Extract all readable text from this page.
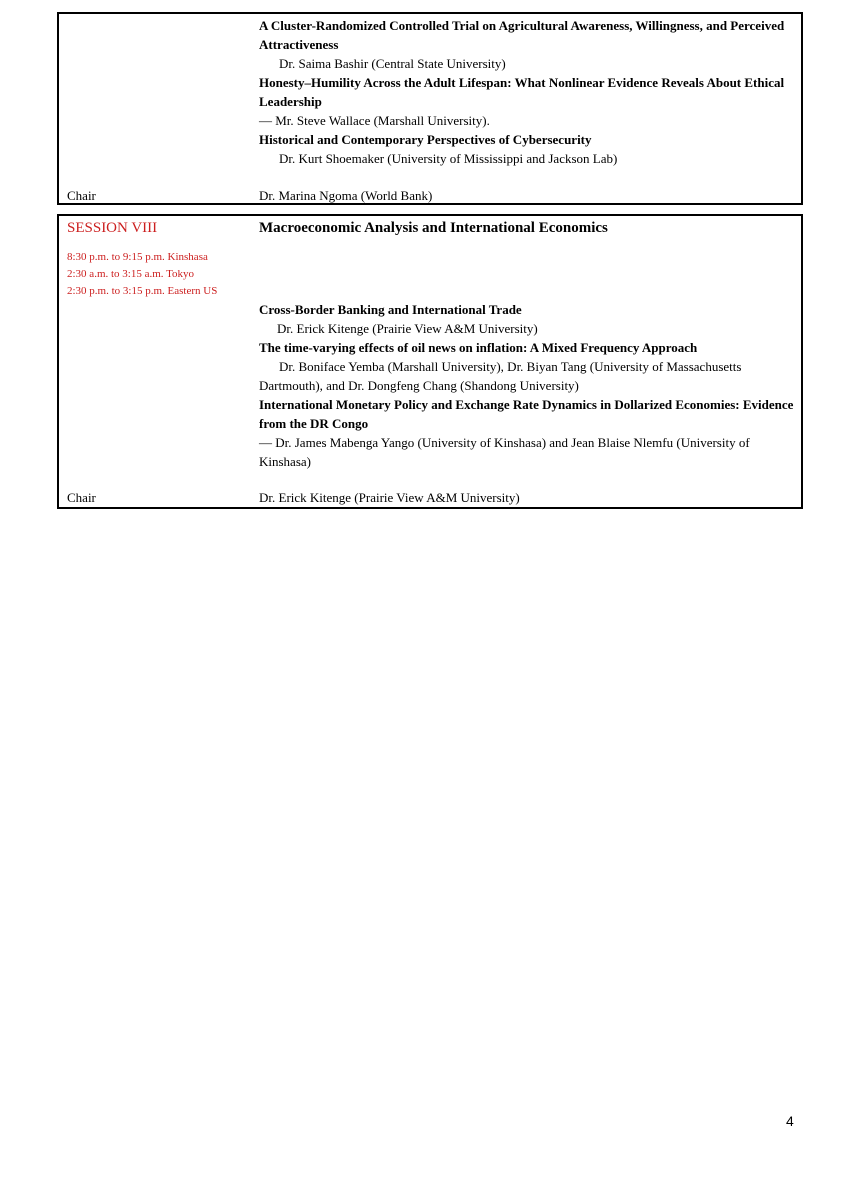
A Cluster-Randomized Controlled Trial on Agricultural Awareness, Willingness, and Perceived Attractiveness
Dr. Saima Bashir (Central State University)
Honesty–Humility Across the Adult Lifespan: What Nonlinear Evidence Reveals About Ethical Leadership
— Mr. Steve Wallace (Marshall University).
Historical and Contemporary Perspectives of Cybersecurity
Dr. Kurt Shoemaker (University of Mississippi and Jackson Lab)
Chair	Dr. Marina Ngoma (World Bank)
SESSION VIII	Macroeconomic Analysis and International Economics
8:30 p.m. to 9:15 p.m. Kinshasa
2:30 a.m. to 3:15 a.m. Tokyo
2:30 p.m. to 3:15 p.m. Eastern US
Cross-Border Banking and International Trade
Dr. Erick Kitenge (Prairie View A&M University)
The time-varying effects of oil news on inflation: A Mixed Frequency Approach
Dr. Boniface Yemba (Marshall University), Dr. Biyan Tang (University of Massachusetts Dartmouth), and Dr. Dongfeng Chang (Shandong University)
International Monetary Policy and Exchange Rate Dynamics in Dollarized Economies: Evidence from the DR Congo
— Dr. James Mabenga Yango (University of Kinshasa) and Jean Blaise Nlemfu (University of Kinshasa)
Chair	Dr. Erick Kitenge (Prairie View A&M University)
4
